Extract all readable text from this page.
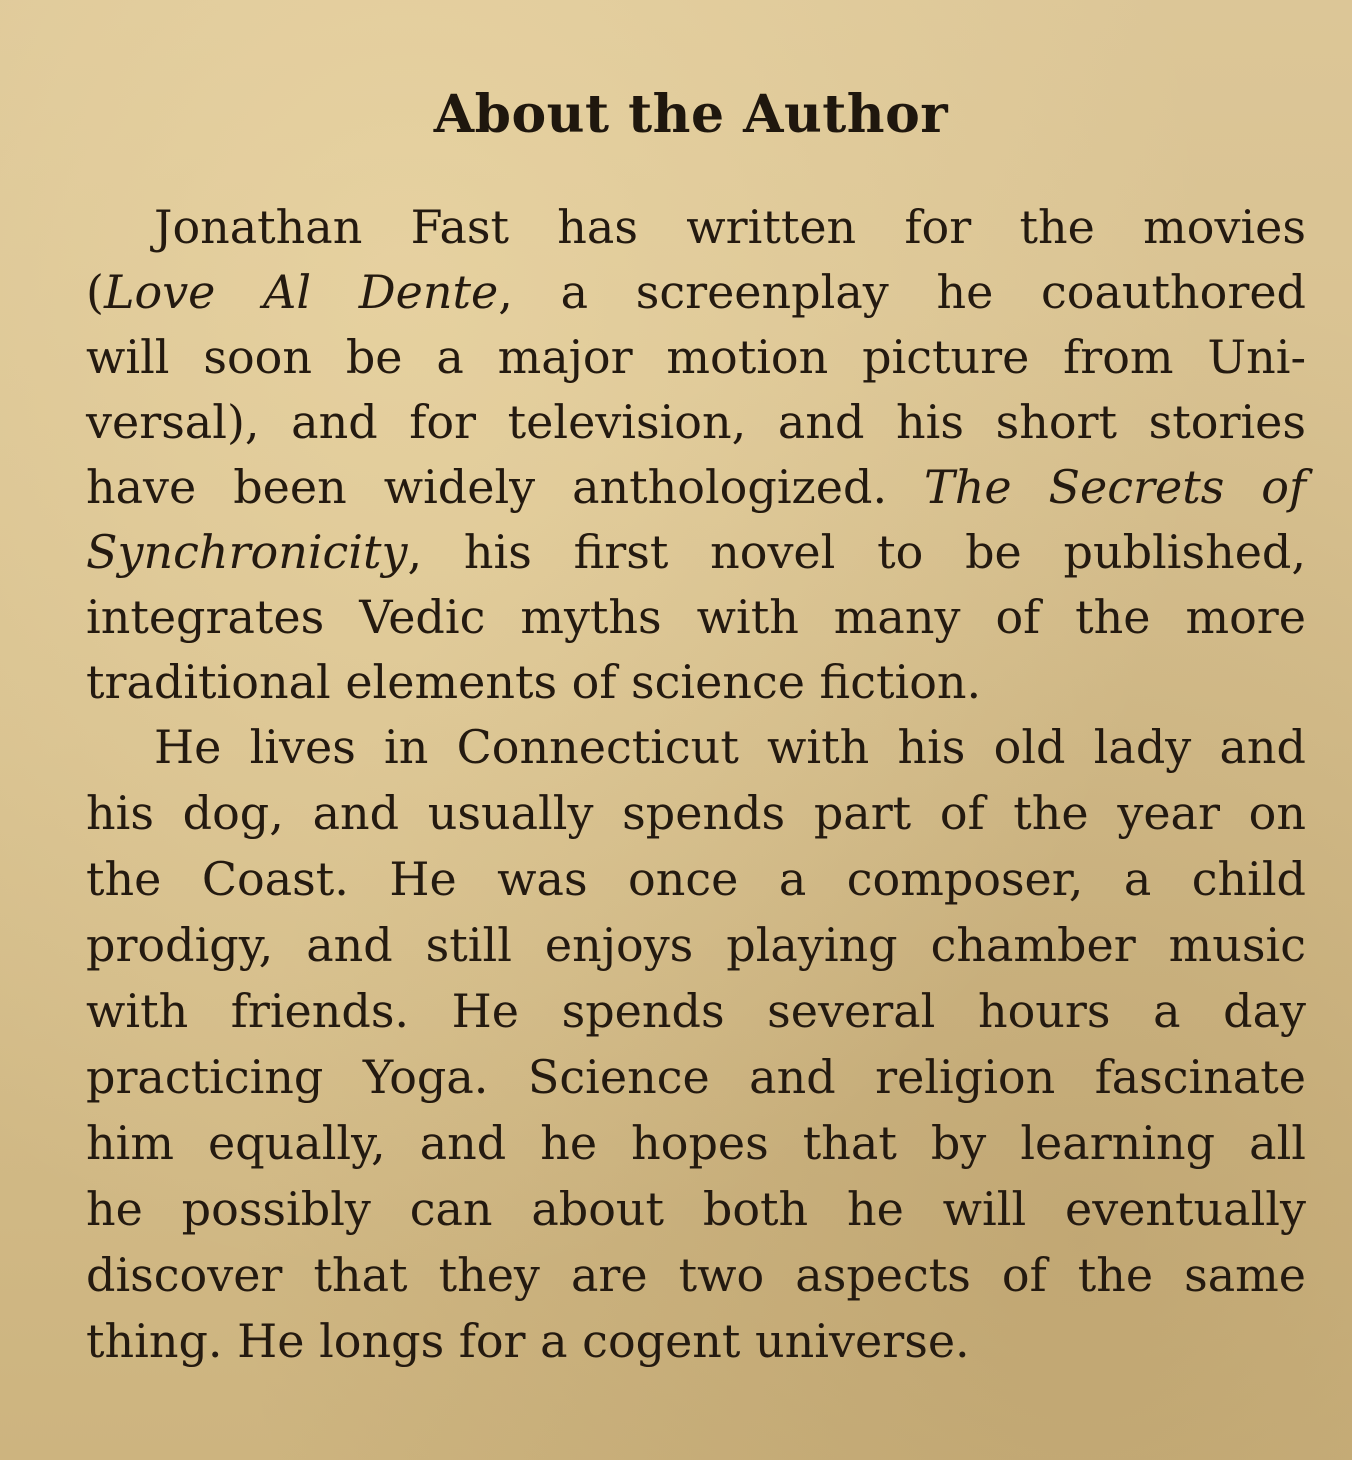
About the Author

Jonathan Fast has written for the movies

(Love Al Dente, a screenplay he coauthored

will soon be a major motion picture from Uni-

versal), and for television, and his short stories

have been widely anthologized. The Secrets of

Synchronicity, his first novel to be published,

integrates Vedic myths with many of the more

traditional elements of science fiction.

He lives in Connecticut with his old lady and

his dog, and usually spends part of the year on

the Coast. He was once a composer, a child

prodigy, and still enjoys playing chamber music

with friends. He spends several hours a day

practicing Yoga. Science and religion fascinate

him equally, and he hopes that by learning all

he possibly can about both he will eventually

discover that they are two aspects of the same

thing. He longs for a cogent universe.
